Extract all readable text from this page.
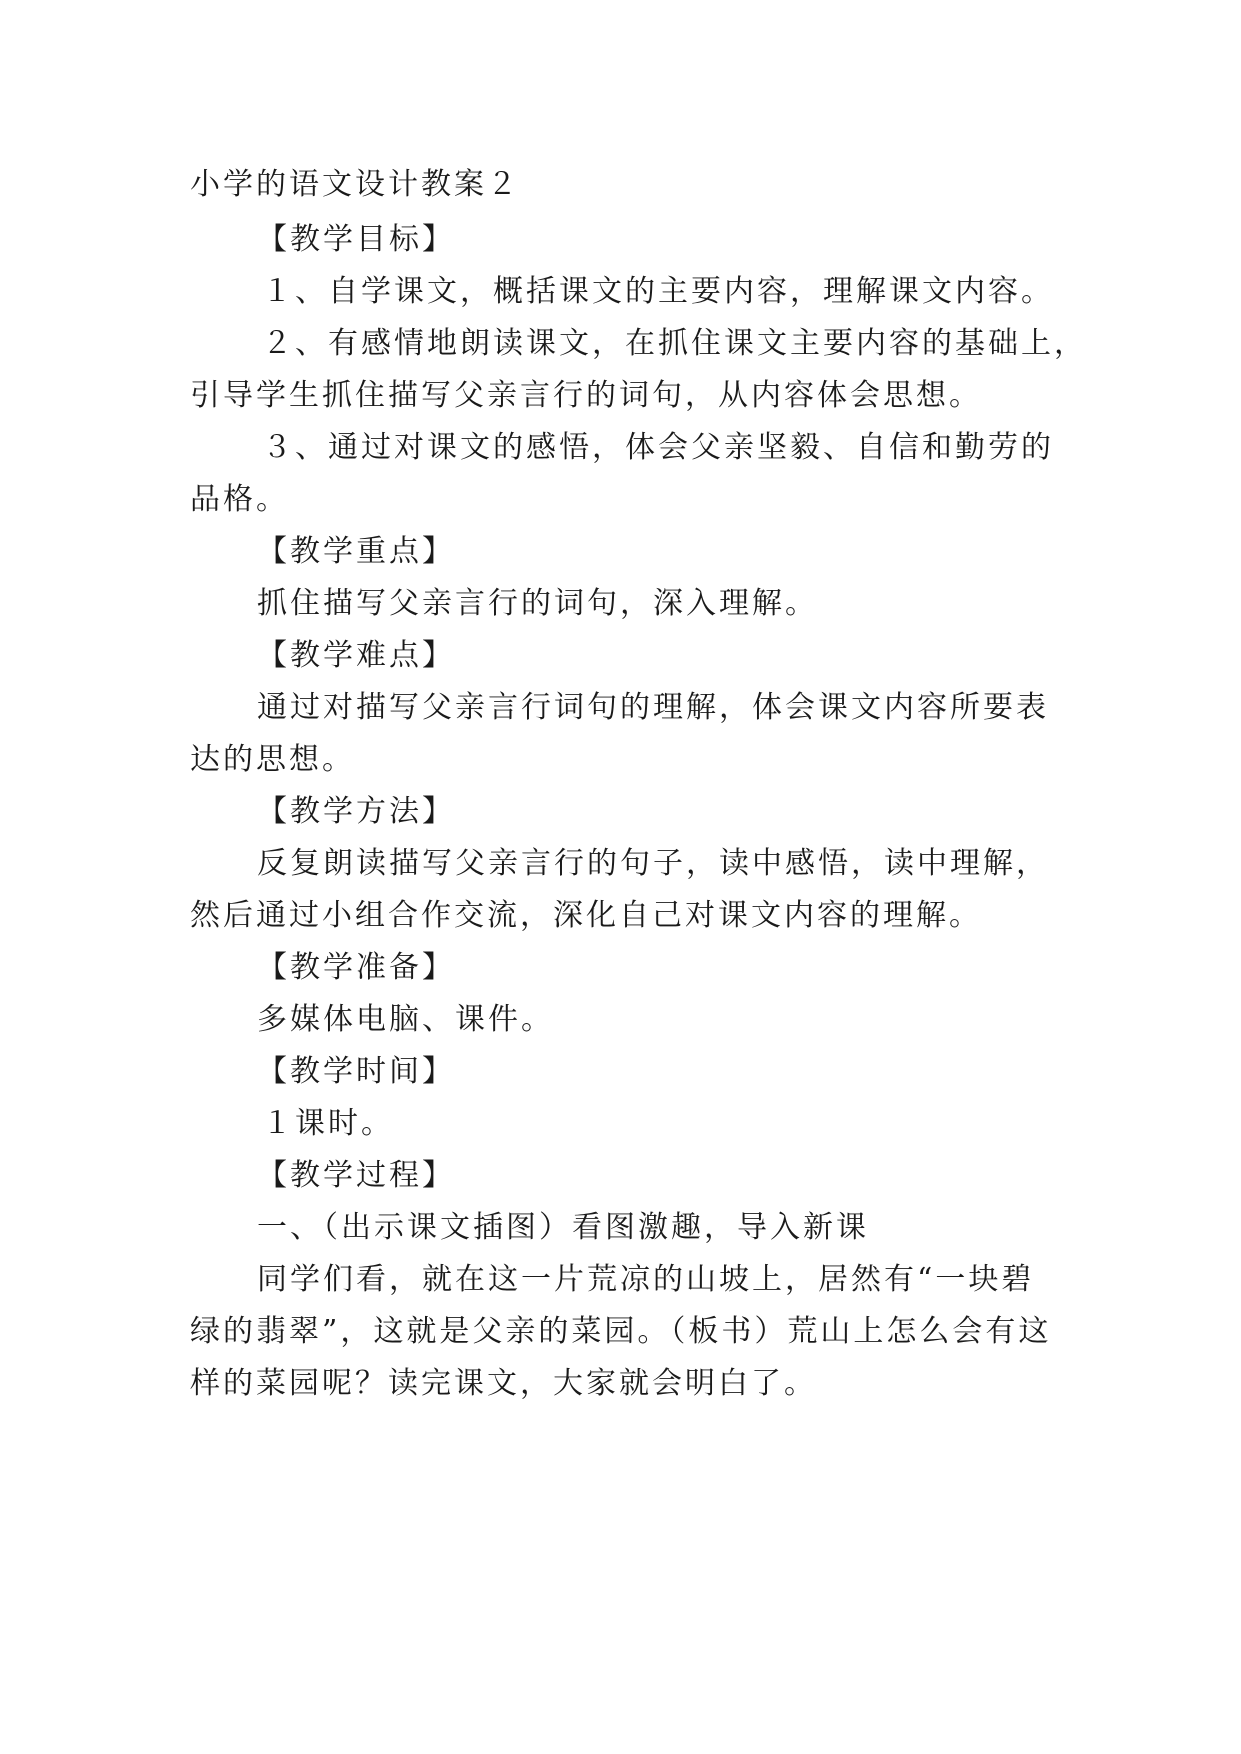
小学的语文设计教案２
【教学目标】
１、自学课文，概括课文的主要内容，理解课文内容。
２、有感情地朗读课文，在抓住课文主要内容的基础上，
引导学生抓住描写父亲言行的词句，从内容体会思想。
３、通过对课文的感悟，体会父亲坚毅、自信和勤劳的
品格。
【教学重点】
抓住描写父亲言行的词句，深入理解。
【教学难点】
通过对描写父亲言行词句的理解，体会课文内容所要表
达的思想。
【教学方法】
反复朗读描写父亲言行的句子，读中感悟，读中理解，
然后通过小组合作交流，深化自己对课文内容的理解。
【教学准备】
多媒体电脑、课件。
【教学时间】
１课时。
【教学过程】
一、（出示课文插图）看图激趣，导入新课
同学们看，就在这一片荒凉的山坡上，居然有“一块碧
绿的翡翠”，这就是父亲的菜园。（板书）荒山上怎么会有这
样的菜园呢？读完课文，大家就会明白了。
